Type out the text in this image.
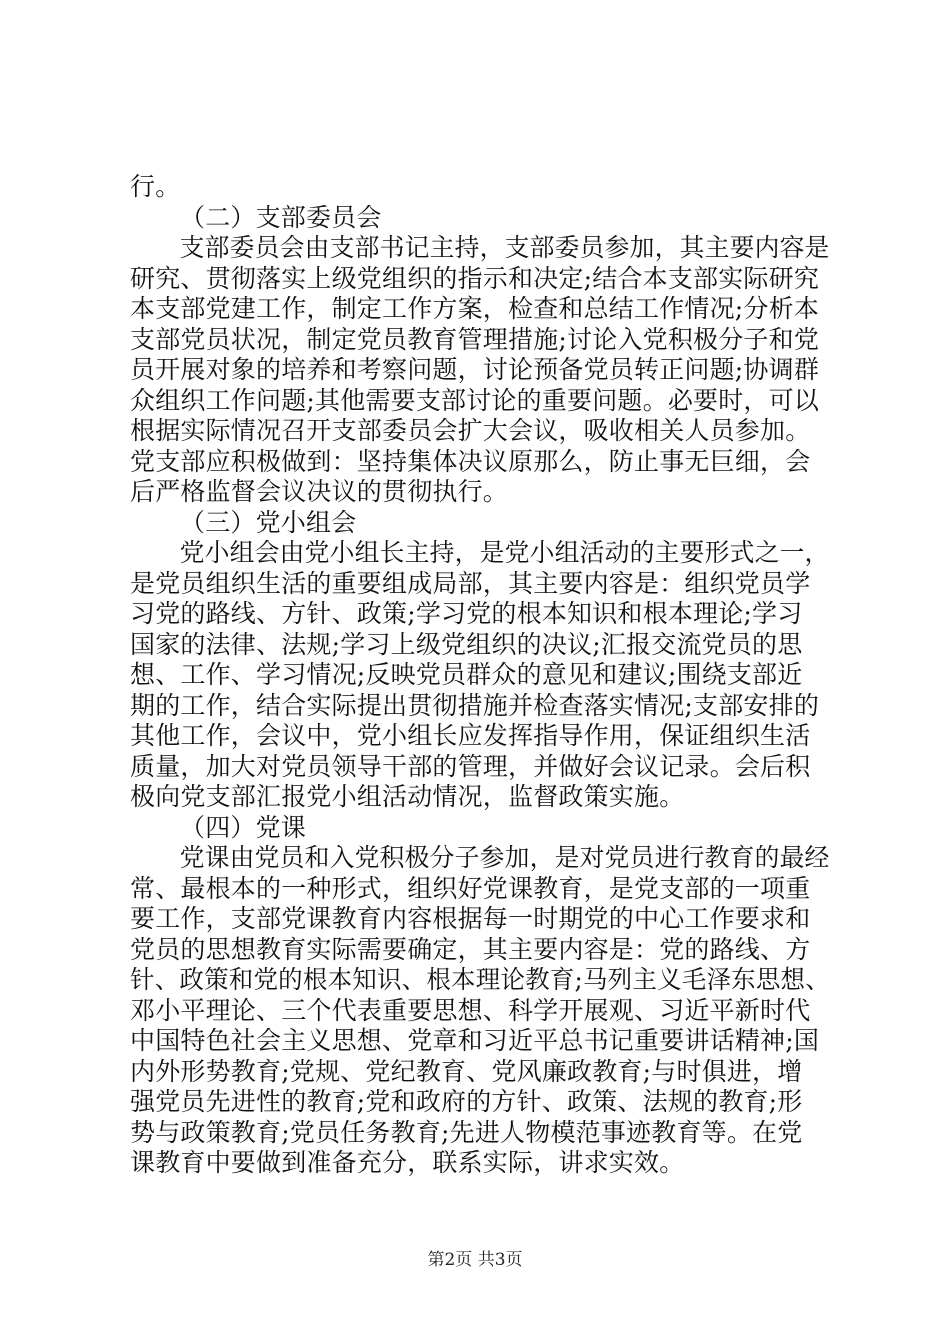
行。
（二）支部委员会
支部委员会由支部书记主持，支部委员参加，其主要内容是
研究、贯彻落实上级党组织的指示和决定;结合本支部实际研究
本支部党建工作，制定工作方案，检查和总结工作情况;分析本
支部党员状况，制定党员教育管理措施;讨论入党积极分子和党
员开展对象的培养和考察问题，讨论预备党员转正问题;协调群
众组织工作问题;其他需要支部讨论的重要问题。必要时，可以
根据实际情况召开支部委员会扩大会议，吸收相关人员参加。
党支部应积极做到：坚持集体决议原那么，防止事无巨细，会
后严格监督会议决议的贯彻执行。
（三）党小组会
党小组会由党小组长主持，是党小组活动的主要形式之一，
是党员组织生活的重要组成局部，其主要内容是：组织党员学
习党的路线、方针、政策;学习党的根本知识和根本理论;学习
国家的法律、法规;学习上级党组织的决议;汇报交流党员的思
想、工作、学习情况;反映党员群众的意见和建议;围绕支部近
期的工作，结合实际提出贯彻措施并检查落实情况;支部安排的
其他工作，会议中，党小组长应发挥指导作用，保证组织生活
质量，加大对党员领导干部的管理，并做好会议记录。会后积
极向党支部汇报党小组活动情况，监督政策实施。
（四）党课
党课由党员和入党积极分子参加，是对党员进行教育的最经
常、最根本的一种形式，组织好党课教育，是党支部的一项重
要工作，支部党课教育内容根据每一时期党的中心工作要求和
党员的思想教育实际需要确定，其主要内容是：党的路线、方
针、政策和党的根本知识、根本理论教育;马列主义毛泽东思想、
邓小平理论、三个代表重要思想、科学开展观、习近平新时代
中国特色社会主义思想、党章和习近平总书记重要讲话精神;国
内外形势教育;党规、党纪教育、党风廉政教育;与时俱进，增
强党员先进性的教育;党和政府的方针、政策、法规的教育;形
势与政策教育;党员任务教育;先进人物模范事迹教育等。在党
课教育中要做到准备充分，联系实际，讲求实效。
第2页 共3页
